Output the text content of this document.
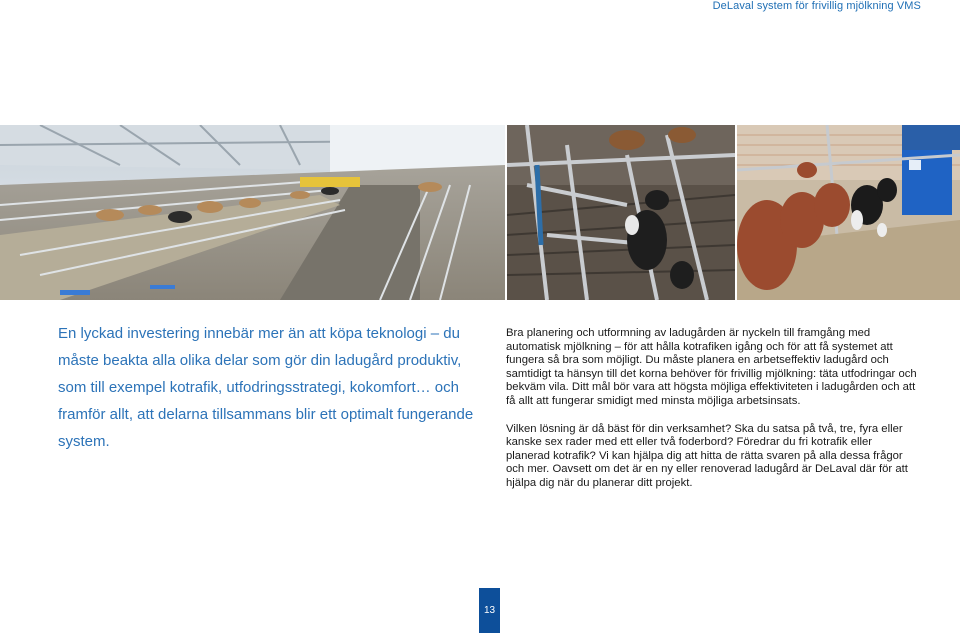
DeLaval system för frivillig mjölkning VMS

En lyckad investering innebär mer än att köpa teknologi – du måste beakta alla olika delar som gör din ladugård produktiv, som till exempel kotrafik, utfodringsstrategi, kokomfort… och framför allt, att delarna tillsammans blir ett optimalt fungerande system.

Bra planering och utformning av ladugården är nyckeln till framgång med automatisk mjölkning – för att hålla kotrafiken igång och för att få systemet att fungera så bra som möjligt. Du måste planera en arbetseffektiv ladugård och samtidigt ta hänsyn till det korna behöver för frivillig mjölkning: täta utfodringar och bekväm vila. Ditt mål bör vara att högsta möjliga effektiviteten i ladugården och att få allt att fungerar smidigt med minsta möjliga arbetsinsats.

Vilken lösning är då bäst för din verksamhet? Ska du satsa på två, tre, fyra eller kanske sex rader med ett eller två foderbord? Föredrar du fri kotrafik eller planerad kotrafik? Vi kan hjälpa dig att hitta de rätta svaren på alla dessa frågor och mer. Oavsett om det är en ny eller renoverad ladugård är DeLaval där för att hjälpa dig när du planerar ditt projekt.

13
